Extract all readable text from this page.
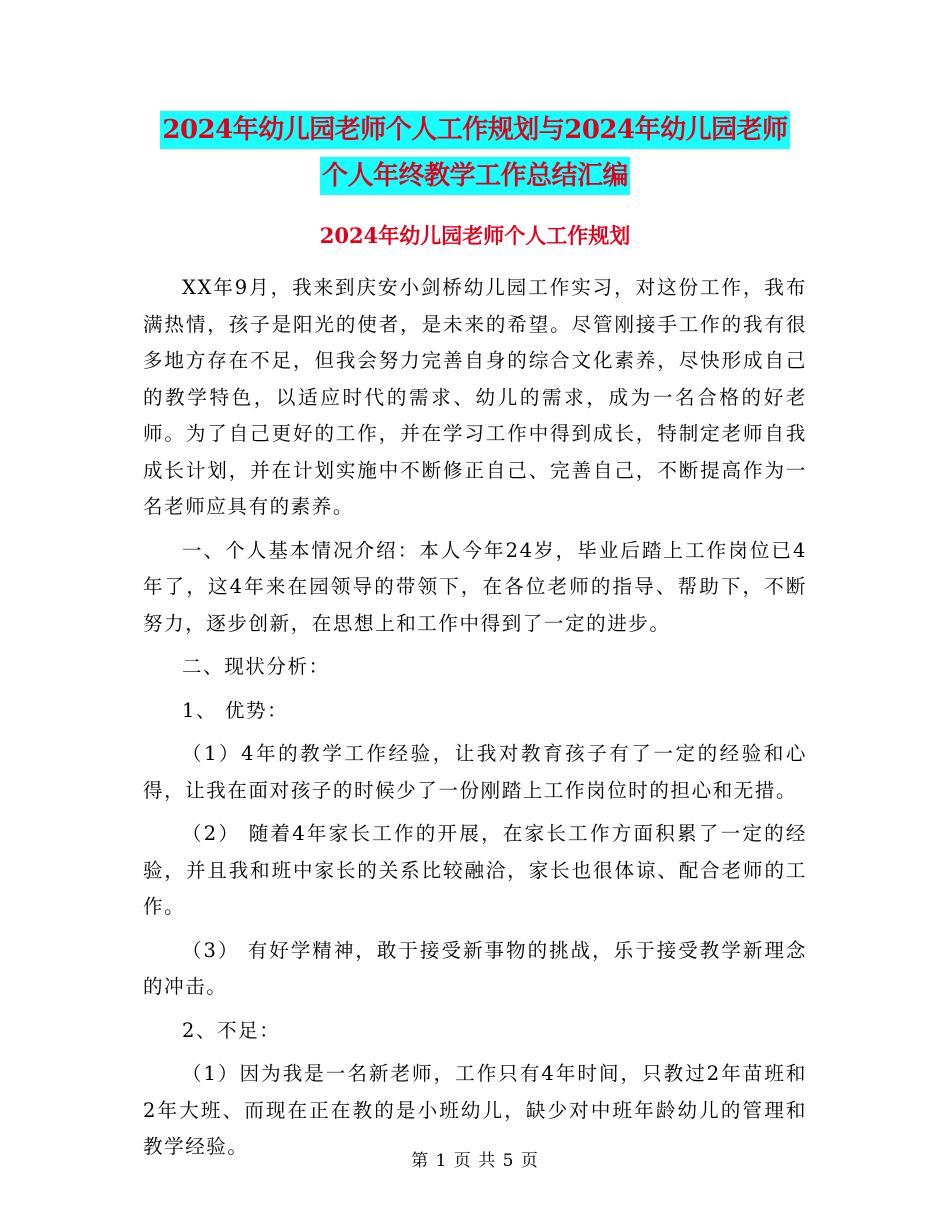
2024年幼儿园老师个人工作规划与2024年幼儿园老师
个人年终教学工作总结汇编
2024年幼儿园老师个人工作规划

XX年9月，我来到庆安小剑桥幼儿园工作实习，对这份工作，我布满热情，孩子是阳光的使者，是未来的希望。尽管刚接手工作的我有很多地方存在不足，但我会努力完善自身的综合文化素养，尽快形成自己的教学特色，以适应时代的需求、幼儿的需求，成为一名合格的好老师。为了自己更好的工作，并在学习工作中得到成长，特制定老师自我成长计划，并在计划实施中不断修正自己、完善自己，不断提高作为一名老师应具有的素养。

一、个人基本情况介绍：本人今年24岁，毕业后踏上工作岗位已4年了，这4年来在园领导的带领下，在各位老师的指导、帮助下，不断努力，逐步创新，在思想上和工作中得到了一定的进步。

二、现状分析：

1、 优势：

（1）4年的教学工作经验，让我对教育孩子有了一定的经验和心得，让我在面对孩子的时候少了一份刚踏上工作岗位时的担心和无措。

（2） 随着4年家长工作的开展，在家长工作方面积累了一定的经验，并且我和班中家长的关系比较融洽，家长也很体谅、配合老师的工作。

（3） 有好学精神，敢于接受新事物的挑战，乐于接受教学新理念的冲击。

2、不足：

（1）因为我是一名新老师，工作只有4年时间，只教过2年苗班和2年大班、而现在正在教的是小班幼儿，缺少对中班年龄幼儿的管理和教学经验。

第 1 页 共 5 页
